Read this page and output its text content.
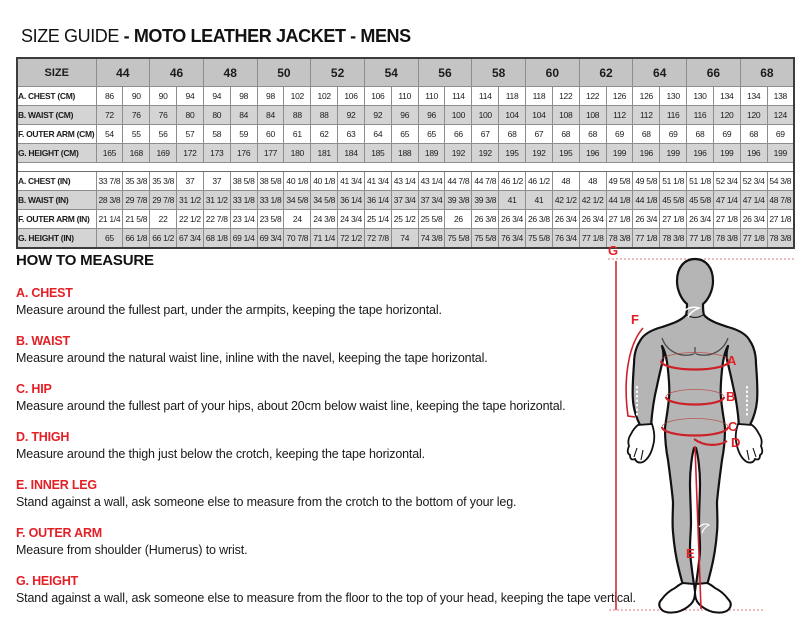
SIZE GUIDE - MOTO LEATHER JACKET - MENS
SIZE	44		46		48		50		52		54		56		58		60		62		64		66		68	
A. CHEST (CM)	86	90	90	94	94	98	98	102	102	106	106	110	110	114	114	118	118	122	122	126	126	130	130	134	134	138
B. WAIST (CM)	72	76	76	80	80	84	84	88	88	92	92	96	96	100	100	104	104	108	108	112	112	116	116	120	120	124
F. OUTER ARM (CM)	54	55	56	57	58	59	60	61	62	63	64	65	65	66	67	68	67	68	68	69	68	69	68	69	68	69
G. HEIGHT (CM)	165	168	169	172	173	176	177	180	181	184	185	188	189	192	192	195	192	195	196	199	196	199	196	199	196	199

A. CHEST (IN)	33 7/8	35 3/8	35 3/8	37	37	38 5/8	38 5/8	40 1/8	40 1/8	41 3/4	41 3/4	43 1/4	43 1/4	44 7/8	44 7/8	46 1/2	46 1/2	48	48	49 5/8	49 5/8	51 1/8	51 1/8	52 3/4	52 3/4	54 3/8
B. WAIST (IN)	28 3/8	29 7/8	29 7/8	31 1/2	31 1/2	33 1/8	33 1/8	34 5/8	34 5/8	36 1/4	36 1/4	37 3/4	37 3/4	39 3/8	39 3/8	41	41	42 1/2	42 1/2	44 1/8	44 1/8	45 5/8	45 5/8	47 1/4	47 1/4	48 7/8
F. OUTER ARM (IN)	21 1/4	21 5/8	22	22 1/2	22 7/8	23 1/4	23 5/8	24	24 3/8	24 3/4	25 1/4	25 1/2	25 5/8	26	26 3/8	26 3/4	26 3/8	26 3/4	26 3/4	27 1/8	26 3/4	27 1/8	26 3/4	27 1/8	26 3/4	27 1/8
G. HEIGHT (IN)	65	66 1/8	66 1/2	67 3/4	68 1/8	69 1/4	69 3/4	70 7/8	71 1/4	72 1/2	72 7/8	74	74 3/8	75 5/8	75 5/8	76 3/4	75 5/8	76 3/4	77 1/8	78 3/8	77 1/8	78 3/8	77 1/8	78 3/8	77 1/8	78 3/8
HOW TO MEASURE

A. CHEST

Measure around the fullest part, under the armpits, keeping the tape horizontal.

B. WAIST

Measure around the natural waist line, inline with the navel, keeping the tape horizontal.

C. HIP

Measure around the fullest part of your hips, about 20cm below waist line, keeping the tape horizontal.

D. THIGH

Measure around the thigh just below the crotch, keeping the tape horizontal.

E. INNER LEG

Stand against a wall, ask someone else to measure from the crotch to the bottom of your leg.

F. OUTER ARM

Measure from shoulder (Humerus) to wrist.

G. HEIGHT

Stand against a wall, ask someone else to measure from the floor to the top of your head, keeping the tape vertical.

G
A
B
C
D
E
F
